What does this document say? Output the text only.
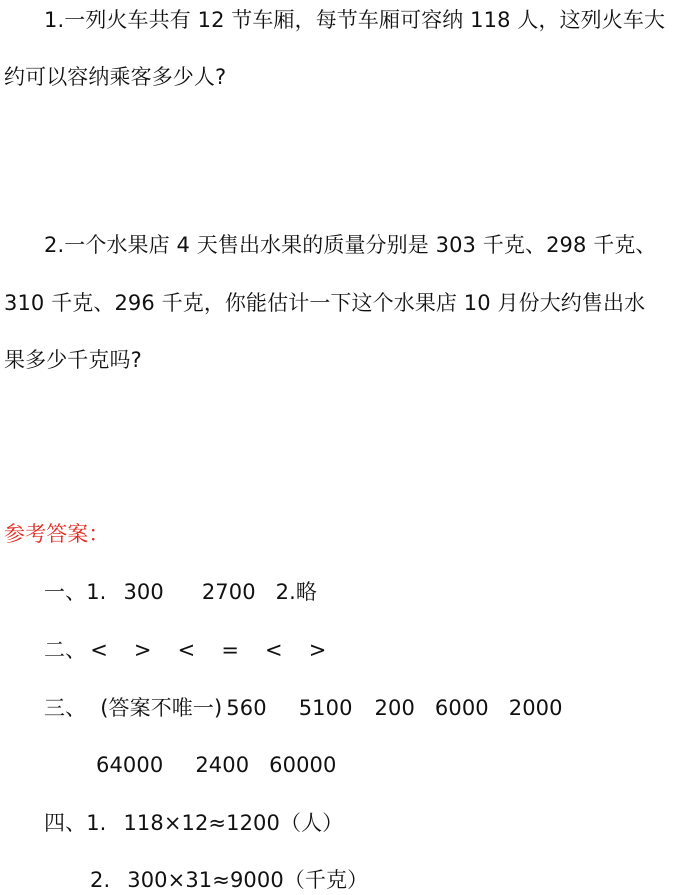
1.一列火车共有 12 节车厢，每节车厢可容纳 118 人，这列火车大
约可以容纳乘客多少人?
2.一个水果店 4 天售出水果的质量分别是 303 千克、298 千克、
310 千克、296 千克，你能估计一下这个水果店 10 月份大约售出水
果多少千克吗?
参考答案：
一、1. 300 2700 2.略
二、 < > < = < >
三、 (答案不唯一) 560 5100 200 6000 2000
64000 2400 60000
四、1. 118×12≈1200（人）
2. 300×31≈9000（千克）
